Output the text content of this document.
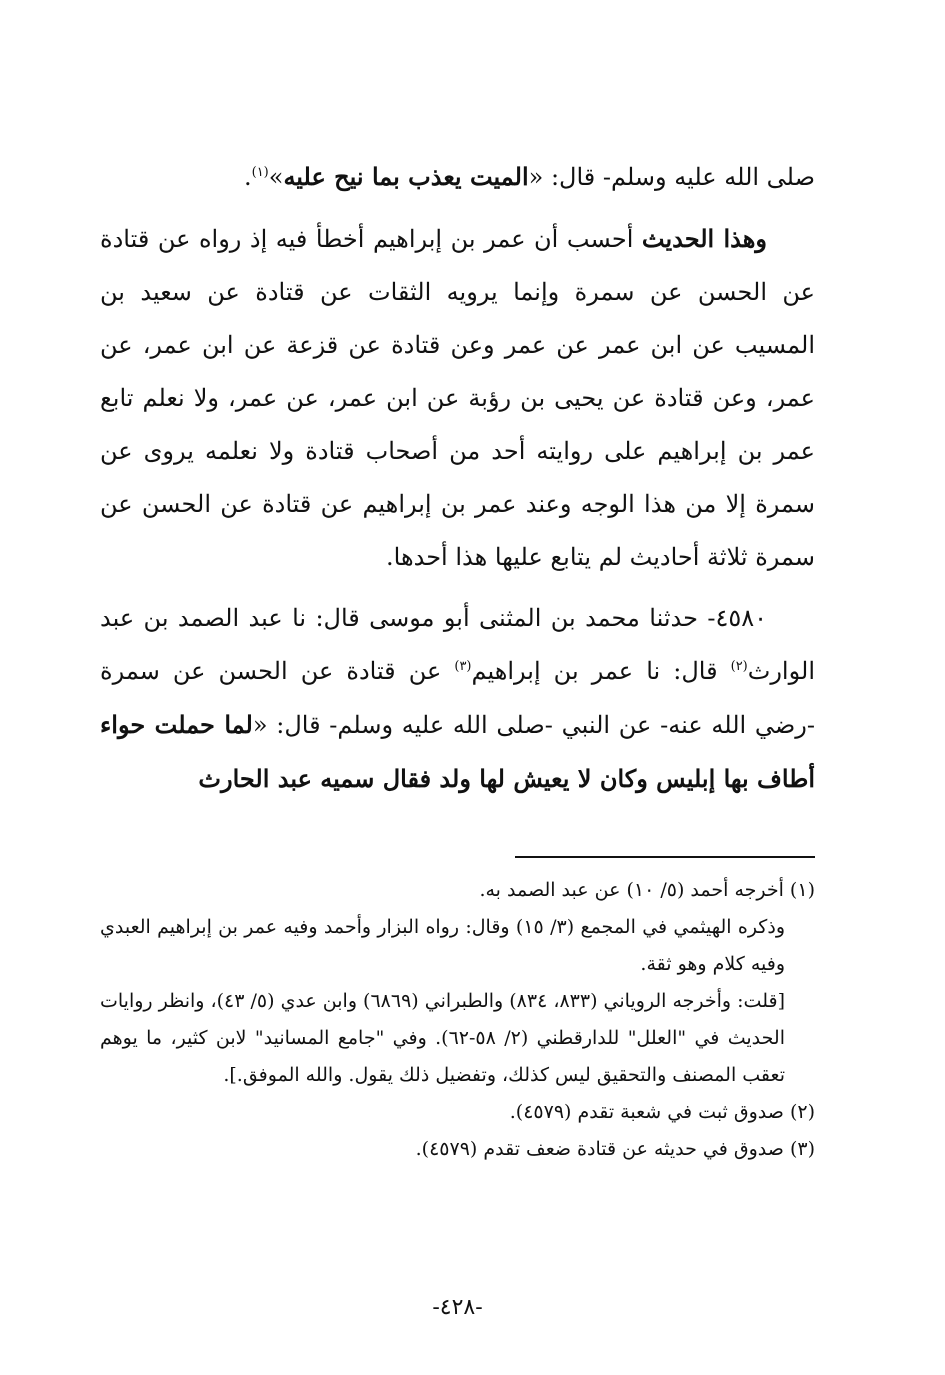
صلى الله عليه وسلم- قال: «الميت يعذب بما نيح عليه»$^{(١)}$.

وهذا الحديث أحسب أن عمر بن إبراهيم أخطأ فيه إذ رواه عن قتادة عن الحسن عن سمرة وإنما يرويه الثقات عن قتادة عن سعيد بن المسيب عن ابن عمر عن عمر وعن قتادة عن قزعة عن ابن عمر، عن عمر، وعن قتادة عن يحيى بن رؤبة عن ابن عمر، عن عمر، ولا نعلم تابع عمر بن إبراهيم على روايته أحد من أصحاب قتادة ولا نعلمه يروى عن سمرة إلا من هذا الوجه وعند عمر بن إبراهيم عن قتادة عن الحسن عن سمرة ثلاثة أحاديث لم يتابع عليها هذا أحدها.

٤٥٨٠- حدثنا محمد بن المثنى أبو موسى قال: نا عبد الصمد بن عبد الوارث$^{(٢)}$ قال: نا عمر بن إبراهيم$^{(٣)}$ عن قتادة عن الحسن عن سمرة -رضي الله عنه- عن النبي -صلى الله عليه وسلم- قال: «لما حملت حواء أطاف بها إبليس وكان لا يعيش لها ولد فقال سميه عبد الحارث

(١) أخرجه أحمد (٥/ ١٠) عن عبد الصمد به.

وذكره الهيثمي في المجمع (٣/ ١٥) وقال: رواه البزار وأحمد وفيه عمر بن إبراهيم العبدي وفيه كلام وهو ثقة.

[قلت: وأخرجه الروياني (٨٣٣، ٨٣٤) والطبراني (٦٨٦٩) وابن عدي (٥/ ٤٣)، وانظر روايات الحديث في "العلل" للدارقطني (٢/ ٥٨-٦٢). وفي "جامع المسانيد" لابن كثير، ما يوهم تعقب المصنف والتحقيق ليس كذلك، وتفضيل ذلك يقول. والله الموفق.].

(٢) صدوق ثبت في شعبة تقدم (٤٥٧٩).

(٣) صدوق في حديثه عن قتادة ضعف تقدم (٤٥٧٩).

-٤٢٨-
